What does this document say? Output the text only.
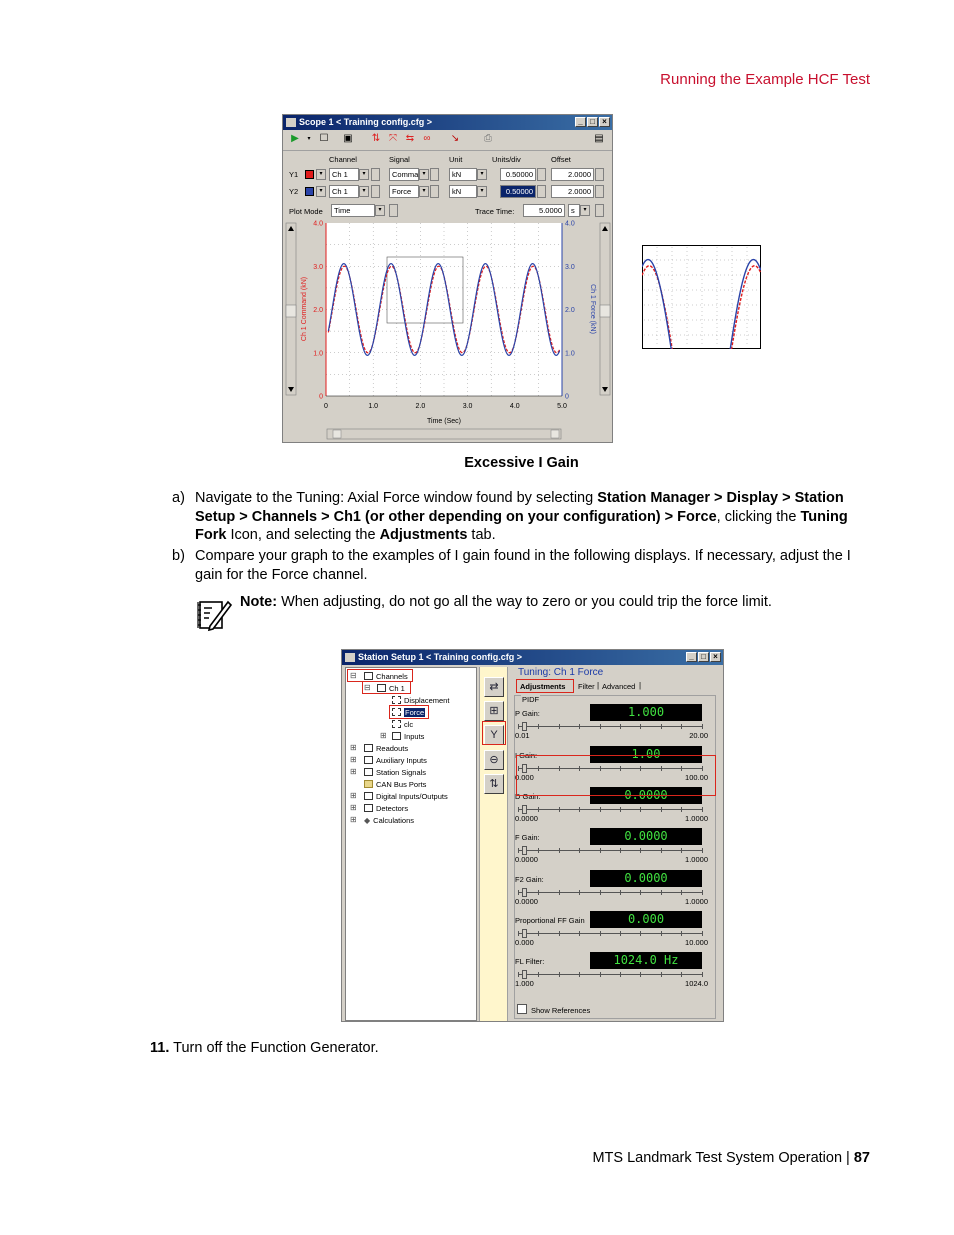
Running the Example HCF Test
Scope 1 < Training config.cfg >	_ □ ×
▶	▾ ☐ ▣ ⇅ ⤧ ⇆ ∞	↘	⎙	▤
Channel	Signal	Unit	Units/div	Offset
Y1	▾	Ch 1	▾	Comma ▾	kN	▾	0.50000	2.0000
Y2	▾	Ch 1	▾	Force	▾	kN	▾	0.50000	2.0000
Plot Mode	Time	▾	Trace Time:	5.0000	s	▾
0	1.0	2.0	3.0	4.0	5.0
0	0
1.0	1.0
2.0	2.0
3.0	3.0
4.0	4.0
Time (Sec)
Ch 1 Command (kN)	Ch 1 Force (kN)
Excessive I Gain
a) Navigate to the Tuning: Axial Force window found by selecting Station Manager > Display > Station Setup > Channels > Ch1 (or other depending on your configuration) > Force, clicking the Tuning Fork Icon, and selecting the Adjustments tab.
b) Compare your graph to the examples of I gain found in the following displays. If necessary, adjust the I gain for the Force channel.
Note: When adjusting, do not go all the way to zero or you could trip the force limit.
Station Setup 1 < Training config.cfg >	_ □ ×
⊟	Channels
⊟	Ch 1
Displacement
Force
clc
⊞	Inputs
⊞	Readouts
⊞	Auxiliary Inputs
⊞	Station Signals
CAN Bus Ports
⊞	Digital Inputs/Outputs
⊞	Detectors
⊞ ◆ Calculations
⇄
⊞
Y
⊖
⇅
Tuning: Ch 1 Force
Adjustments Filter | Advanced |
PIDF
P Gain:	1.000
0.01	20.00
I Gain:	1.00
0.000	100.00
D Gain:	0.0000
0.0000	1.0000
F Gain:	0.0000
0.0000	1.0000
F2 Gain:	0.0000
0.0000	1.0000
Proportional FF Gain	0.000
0.000	10.000
FL Filter:	1024.0 Hz
1.000	1024.0
Show References
11. Turn off the Function Generator.
MTS Landmark Test System Operation | 87
